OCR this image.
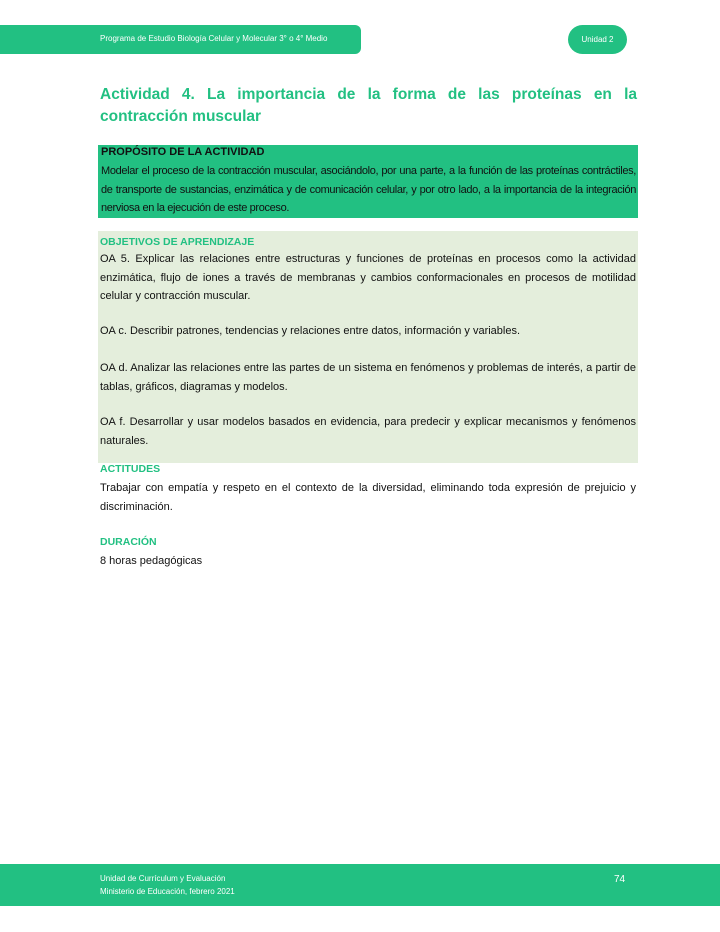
Programa de Estudio Biología Celular y Molecular 3° o 4° Medio	Unidad 2
Actividad 4. La importancia de la forma de las proteínas en la contracción muscular
PROPÓSITO DE LA ACTIVIDAD
Modelar el proceso de la contracción muscular, asociándolo, por una parte, a la función de las proteínas contráctiles, de transporte de sustancias, enzimática y de comunicación celular, y por otro lado, a la importancia de la integración nerviosa en la ejecución de este proceso.
OBJETIVOS DE APRENDIZAJE
OA 5. Explicar las relaciones entre estructuras y funciones de proteínas en procesos como la actividad enzimática, flujo de iones a través de membranas y cambios conformacionales en procesos de motilidad celular y contracción muscular.
OA c. Describir patrones, tendencias y relaciones entre datos, información y variables.
OA d. Analizar las relaciones entre las partes de un sistema en fenómenos y problemas de interés, a partir de tablas, gráficos, diagramas y modelos.
OA f. Desarrollar y usar modelos basados en evidencia, para predecir y explicar mecanismos y fenómenos naturales.
ACTITUDES
Trabajar con empatía y respeto en el contexto de la diversidad, eliminando toda expresión de prejuicio y discriminación.
DURACIÓN
8 horas pedagógicas
Unidad de Currículum y Evaluación
Ministerio de Educación, febrero 2021
74
